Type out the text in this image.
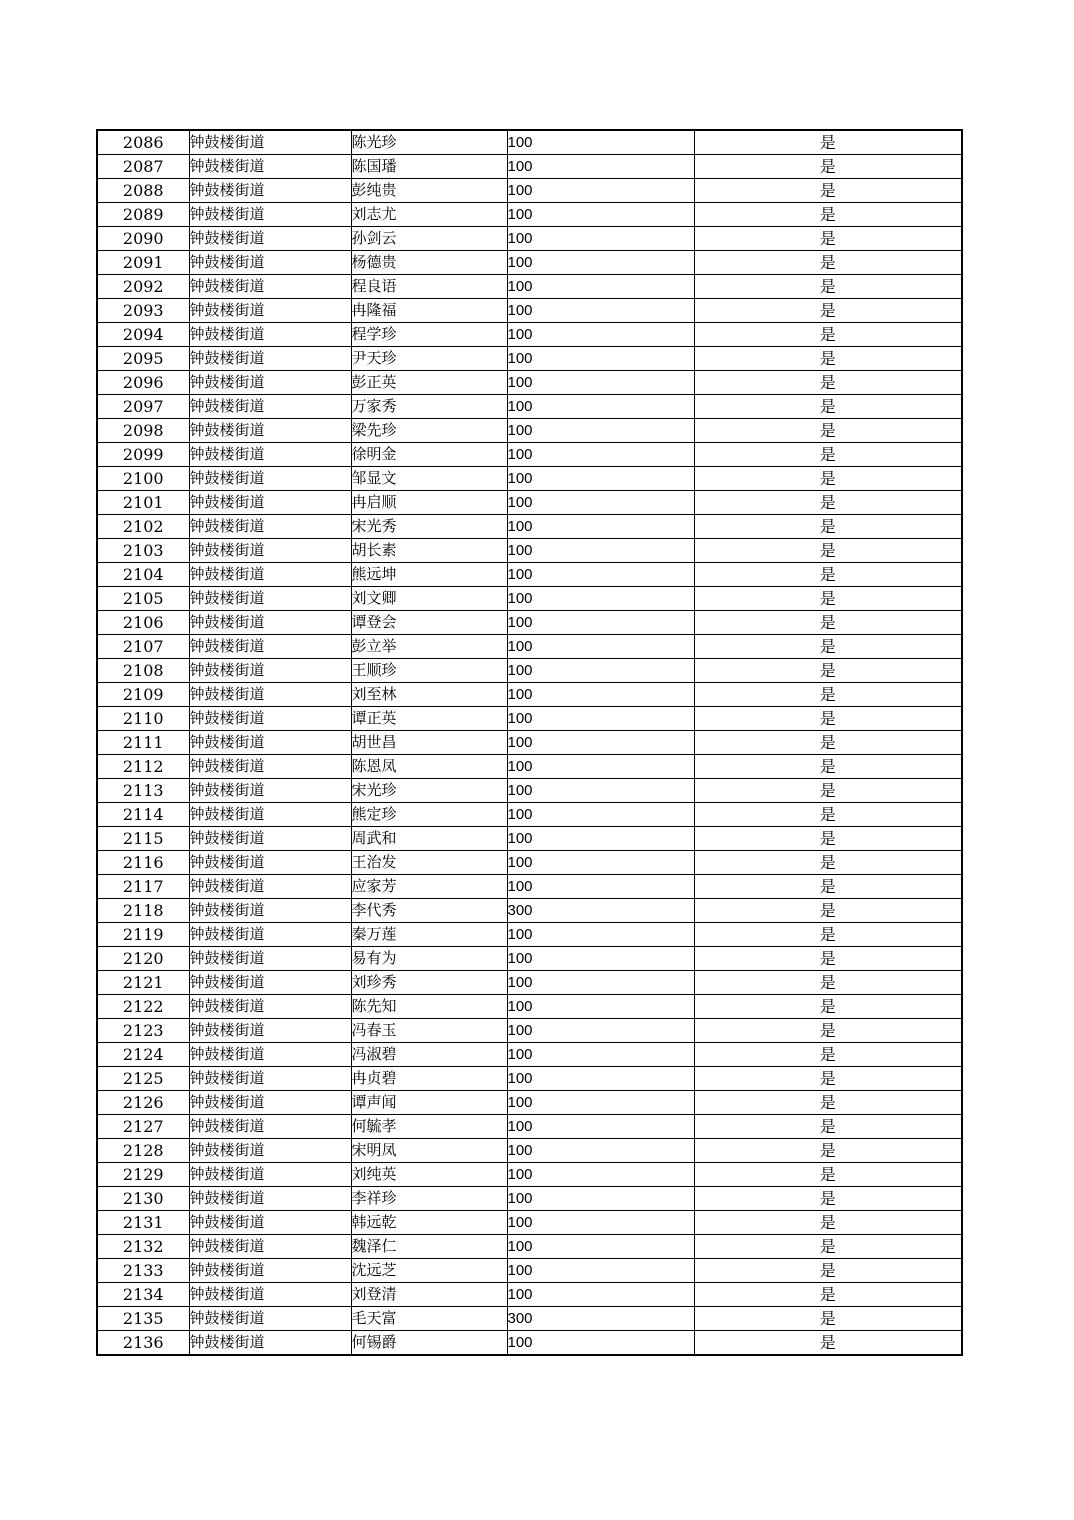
2086	钟鼓楼街道	陈光珍	100	是
2087	钟鼓楼街道	陈国璠	100	是
2088	钟鼓楼街道	彭纯贵	100	是
2089	钟鼓楼街道	刘志尤	100	是
2090	钟鼓楼街道	孙剑云	100	是
2091	钟鼓楼街道	杨德贵	100	是
2092	钟鼓楼街道	程良语	100	是
2093	钟鼓楼街道	冉隆福	100	是
2094	钟鼓楼街道	程学珍	100	是
2095	钟鼓楼街道	尹天珍	100	是
2096	钟鼓楼街道	彭正英	100	是
2097	钟鼓楼街道	万家秀	100	是
2098	钟鼓楼街道	梁先珍	100	是
2099	钟鼓楼街道	徐明金	100	是
2100	钟鼓楼街道	邹显文	100	是
2101	钟鼓楼街道	冉启顺	100	是
2102	钟鼓楼街道	宋光秀	100	是
2103	钟鼓楼街道	胡长素	100	是
2104	钟鼓楼街道	熊远坤	100	是
2105	钟鼓楼街道	刘文卿	100	是
2106	钟鼓楼街道	谭登会	100	是
2107	钟鼓楼街道	彭立举	100	是
2108	钟鼓楼街道	王顺珍	100	是
2109	钟鼓楼街道	刘至林	100	是
2110	钟鼓楼街道	谭正英	100	是
2111	钟鼓楼街道	胡世昌	100	是
2112	钟鼓楼街道	陈恩凤	100	是
2113	钟鼓楼街道	宋光珍	100	是
2114	钟鼓楼街道	熊定珍	100	是
2115	钟鼓楼街道	周武和	100	是
2116	钟鼓楼街道	王治发	100	是
2117	钟鼓楼街道	应家芳	100	是
2118	钟鼓楼街道	李代秀	300	是
2119	钟鼓楼街道	秦万莲	100	是
2120	钟鼓楼街道	易有为	100	是
2121	钟鼓楼街道	刘珍秀	100	是
2122	钟鼓楼街道	陈先知	100	是
2123	钟鼓楼街道	冯春玉	100	是
2124	钟鼓楼街道	冯淑碧	100	是
2125	钟鼓楼街道	冉贞碧	100	是
2126	钟鼓楼街道	谭声闻	100	是
2127	钟鼓楼街道	何毓孝	100	是
2128	钟鼓楼街道	宋明凤	100	是
2129	钟鼓楼街道	刘纯英	100	是
2130	钟鼓楼街道	李祥珍	100	是
2131	钟鼓楼街道	韩远乾	100	是
2132	钟鼓楼街道	魏泽仁	100	是
2133	钟鼓楼街道	沈远芝	100	是
2134	钟鼓楼街道	刘登清	100	是
2135	钟鼓楼街道	毛天富	300	是
2136	钟鼓楼街道	何锡爵	100	是
